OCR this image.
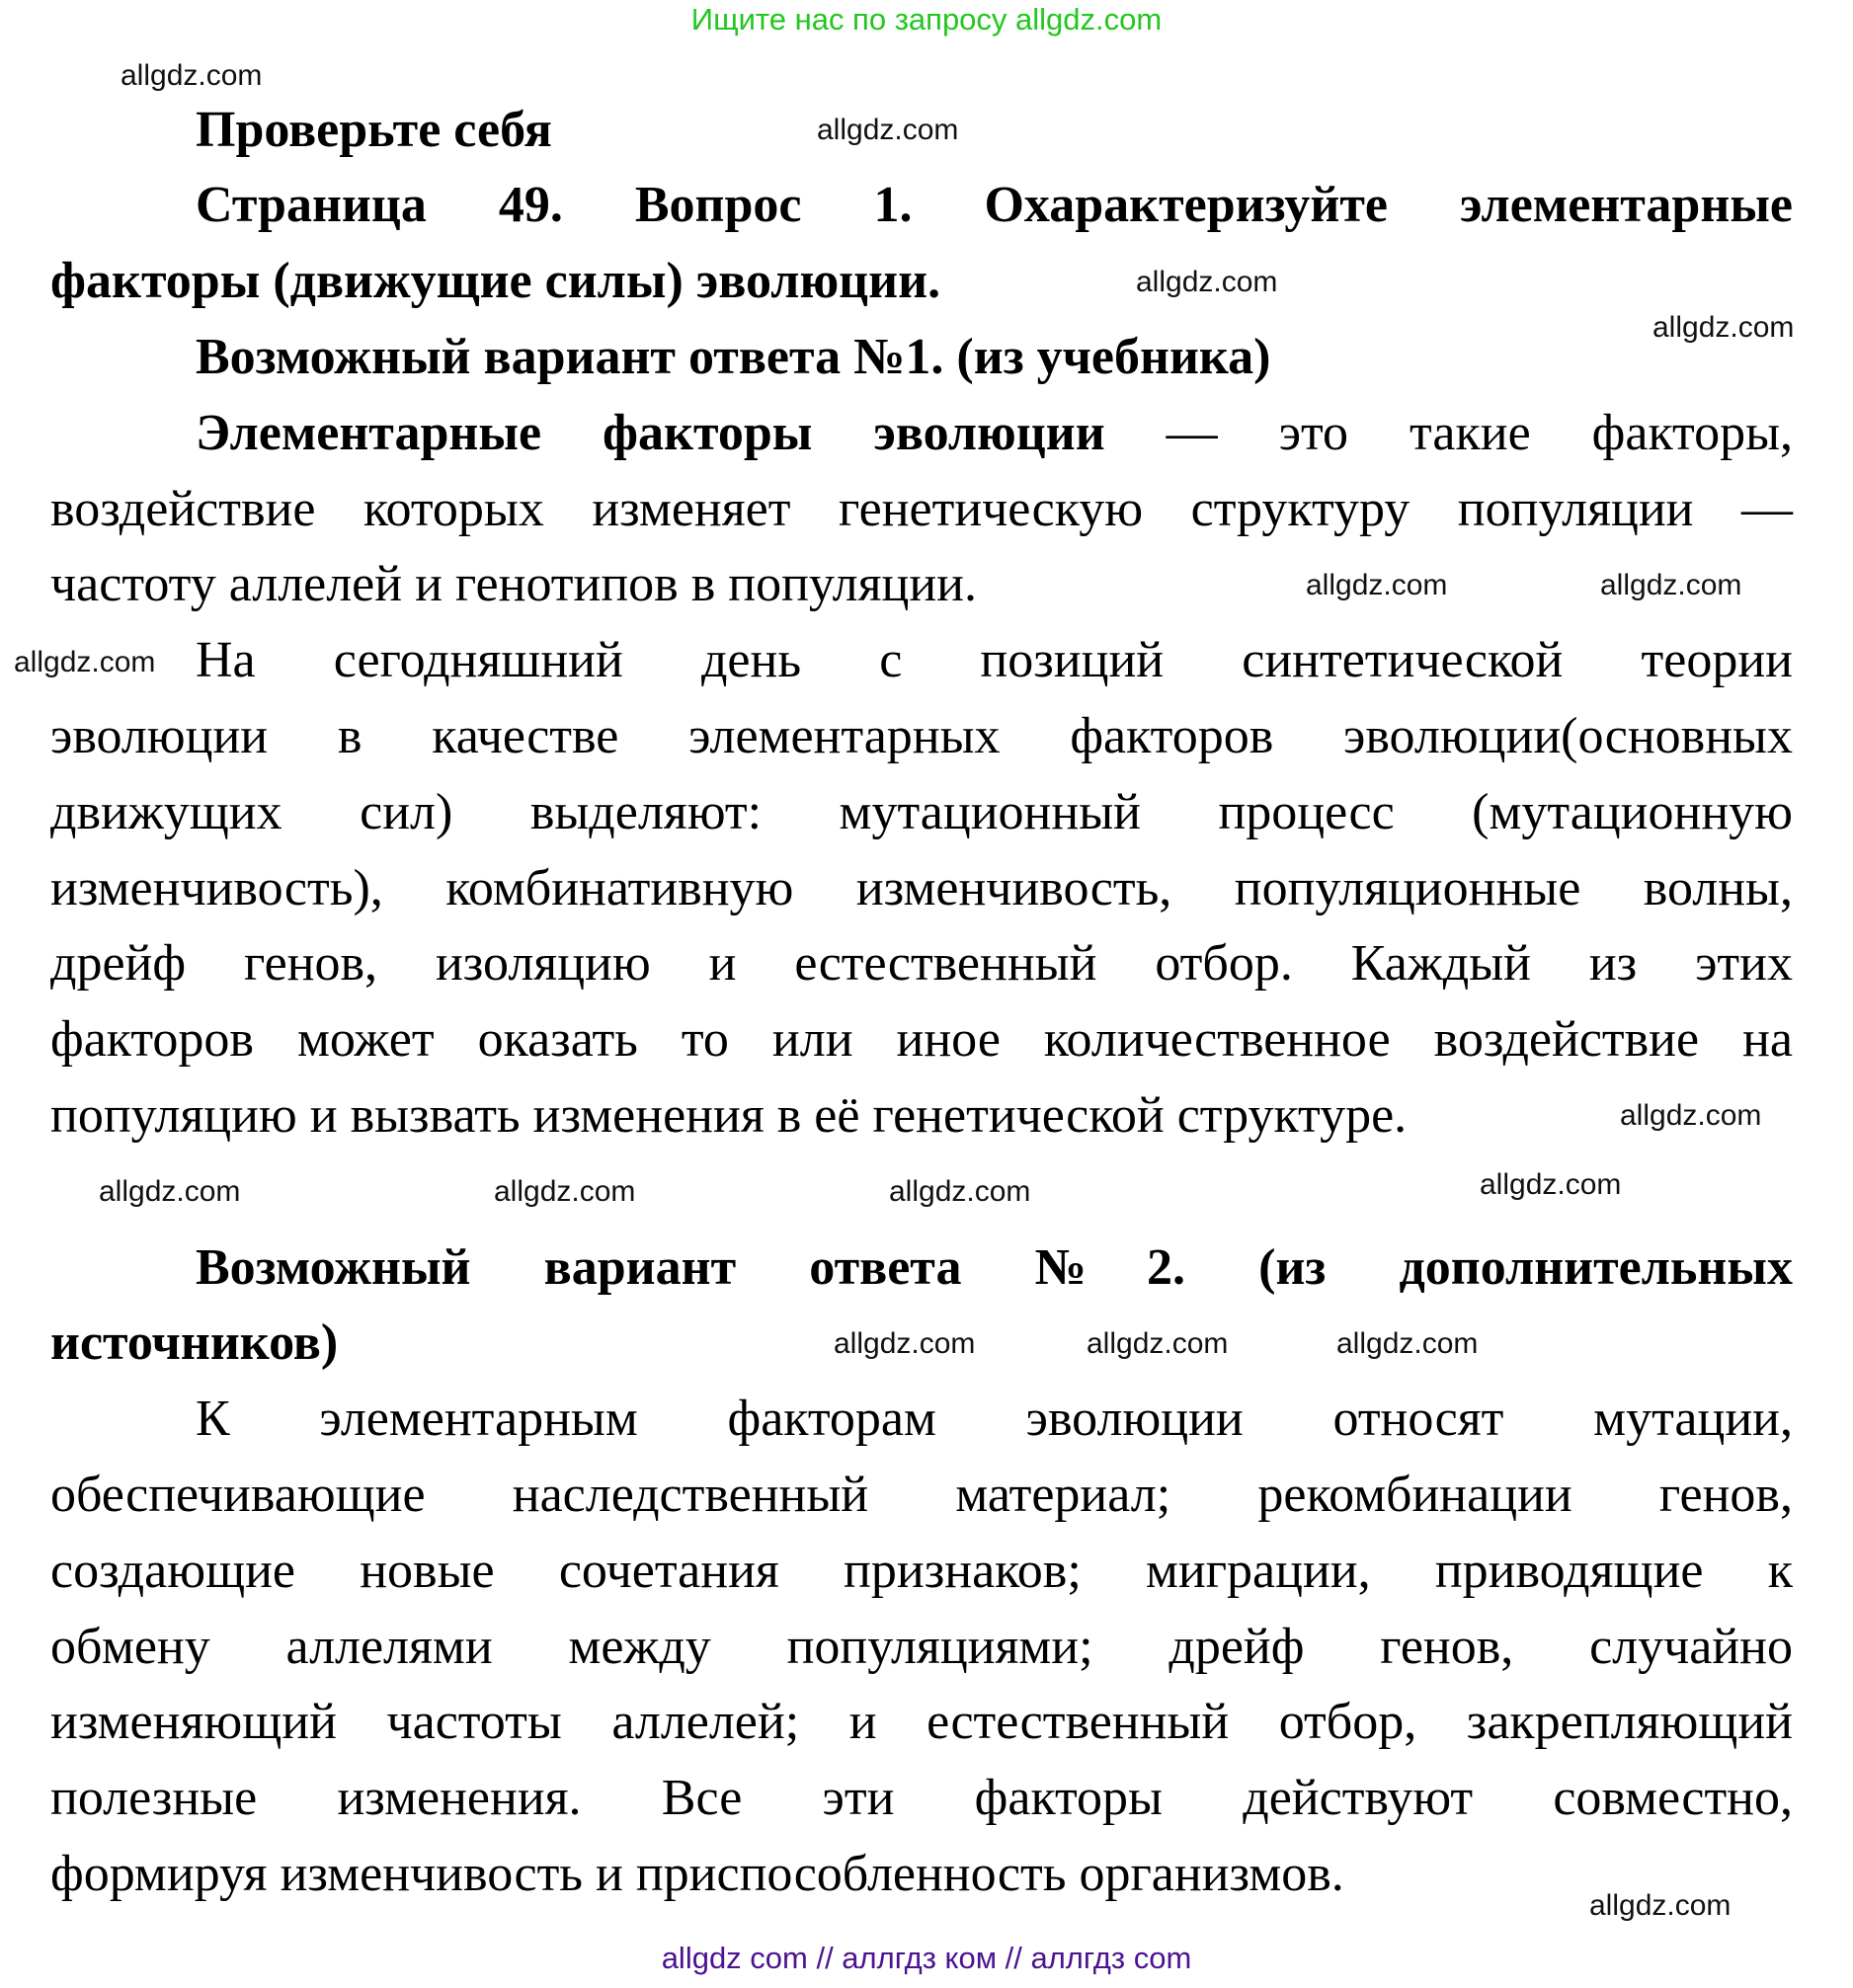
Ищите нас по запросу allgdz.com
Проверьте себя
Страница 49. Вопрос 1. Охарактеризуйте элементарные
факторы (движущие силы) эволюции.
Возможный вариант ответа №1. (из учебника)
Элементарные факторы эволюции — это такие факторы,
воздействие которых изменяет генетическую структуру популяции —
частоту аллелей и генотипов в популяции.
На сегодняшний день с позиций синтетической теории
эволюции в качестве элементарных факторов эволюции(основных
движущих сил) выделяют: мутационный процесс (мутационную
изменчивость), комбинативную изменчивость, популяционные волны,
дрейф генов, изоляцию и естественный отбор. Каждый из этих
факторов может оказать то или иное количественное воздействие на
популяцию и вызвать изменения в её генетической структуре.

Возможный вариант ответа №2. (из дополнительных
источников)
К элементарным факторам эволюции относят мутации,
обеспечивающие наследственный материал; рекомбинации генов,
создающие новые сочетания признаков; миграции, приводящие к
обмену аллелями между популяциями; дрейф генов, случайно
изменяющий частоты аллелей; и естественный отбор, закрепляющий
полезные изменения. Все эти факторы действуют совместно,
формируя изменчивость и приспособленность организмов.
allgdz.com
allgdz.com
allgdz.com
allgdz.com
allgdz.com
allgdz.com
allgdz.com
allgdz.com
allgdz.com
allgdz.com
allgdz.com
allgdz.com	allgdz.com
allgdz.com
allgdz.com
allgdz.com
allgdz com // аллгдз ком // аллгдз com
